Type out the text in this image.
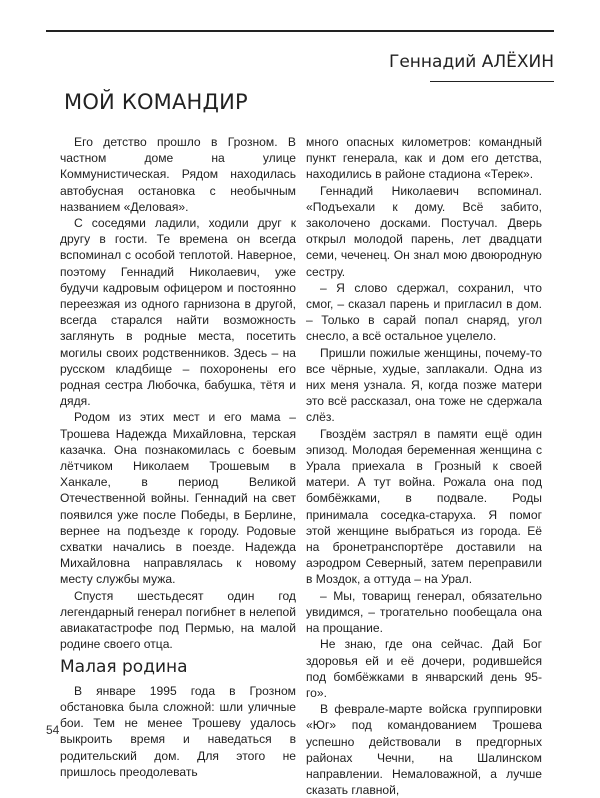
Геннадий АЛЁХИН
МОЙ КОМАНДИР

Его детство прошло в Грозном. В частном доме на улице Коммунистическая. Рядом находилась автобусная остановка с необычным названием «Деловая».

С соседями ладили, ходили друг к другу в гости. Те времена он всегда вспоминал с особой теплотой. Наверное, поэтому Геннадий Николаевич, уже будучи кадровым офицером и постоянно переезжая из одного гарнизона в другой, всегда старался найти возможность заглянуть в родные места, посетить могилы своих родственников. Здесь – на русском кладбище – похоронены его родная сестра Любочка, бабушка, тётя и дядя.

Родом из этих мест и его мама – Трошева Надежда Михайловна, терская казачка. Она познакомилась с боевым лётчиком Николаем Трошевым в Ханкале, в период Великой Отечественной войны. Геннадий на свет появился уже после Победы, в Берлине, вернее на подъезде к городу. Родовые схватки начались в поезде. Надежда Михайловна направлялась к новому месту службы мужа.

Спустя шестьдесят один год легендарный генерал погибнет в нелепой авиакатастрофе под Пермью, на малой родине своего отца.

Малая родина

В январе 1995 года в Грозном обстановка была сложной: шли уличные бои. Тем не менее Трошеву удалось выкроить время и наведаться в родительский дом. Для этого не пришлось преодолевать

много опасных километров: командный пункт генерала, как и дом его детства, находились в районе стадиона «Терек».

Геннадий Николаевич вспоминал. «Подъехали к дому. Всё забито, заколочено досками. Постучал. Дверь открыл молодой парень, лет двадцати семи, чеченец. Он знал мою двоюродную сестру.

– Я слово сдержал, сохранил, что смог, – сказал парень и пригласил в дом. – Только в сарай попал снаряд, угол снесло, а всё остальное уцелело.

Пришли пожилые женщины, почему-то все чёрные, худые, заплакали. Одна из них меня узнала. Я, когда позже матери это всё рассказал, она тоже не сдержала слёз.

Гвоздём застрял в памяти ещё один эпизод. Молодая беременная женщина с Урала приехала в Грозный к своей матери. А тут война. Рожала она под бомбёжками, в подвале. Роды принимала соседка-старуха. Я помог этой женщине выбраться из города. Её на бронетранспортёре доставили на аэродром Северный, затем переправили в Моздок, а оттуда – на Урал.

– Мы, товарищ генерал, обязательно увидимся, – трогательно пообещала она на прощание.

Не знаю, где она сейчас. Дай Бог здоровья ей и её дочери, родившейся под бомбёжками в январский день 95-го».

В феврале-марте войска группировки «Юг» под командованием Трошева успешно действовали в предгорных районах Чечни, на Шалинском направлении. Немаловажной, а лучше сказать главной,

54
